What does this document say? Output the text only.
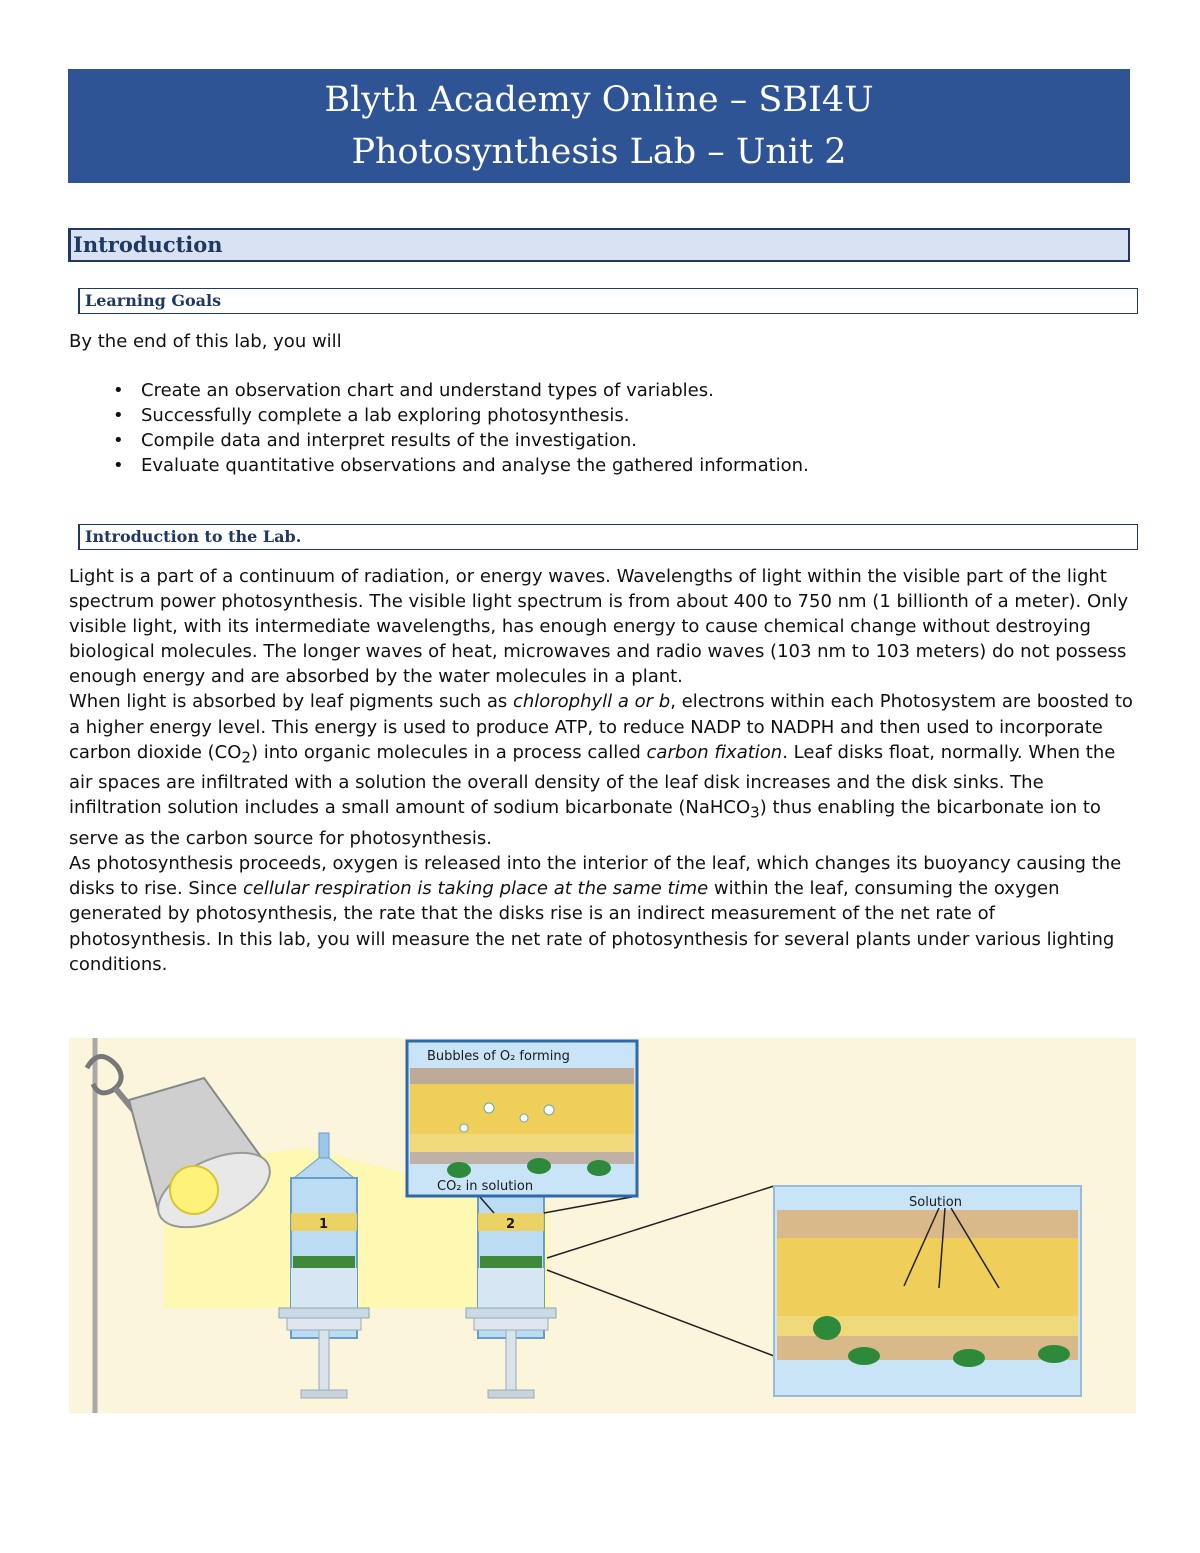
Blyth Academy Online – SBI4U
Photosynthesis Lab – Unit 2
Introduction
Learning Goals

By the end of this lab, you will

• Create an observation chart and understand types of variables.
• Successfully complete a lab exploring photosynthesis.
• Compile data and interpret results of the investigation.
• Evaluate quantitative observations and analyse the gathered information.
Introduction to the Lab.

Light is a part of a continuum of radiation, or energy waves. Wavelengths of light within the visible part of the light spectrum power photosynthesis. The visible light spectrum is from about 400 to 750 nm (1 billionth of a meter). Only visible light, with its intermediate wavelengths, has enough energy to cause chemical change without destroying biological molecules. The longer waves of heat, microwaves and radio waves (103 nm to 103 meters) do not possess enough energy and are absorbed by the water molecules in a plant.

When light is absorbed by leaf pigments such as chlorophyll a or b, electrons within each Photosystem are boosted to a higher energy level. This energy is used to produce ATP, to reduce NADP to NADPH and then used to incorporate carbon dioxide $(CO_2)$ into organic molecules in a process called carbon fixation. Leaf disks float, normally. When the air spaces are infiltrated with a solution the overall density of the leaf disk increases and the disk sinks. The infiltration solution includes a small amount of sodium bicarbonate (NaHCO$_3$) thus enabling the bicarbonate ion to serve as the carbon source for photosynthesis.

As photosynthesis proceeds, oxygen is released into the interior of the leaf, which changes its buoyancy causing the disks to rise. Since cellular respiration is taking place at the same time within the leaf, consuming the oxygen generated by photosynthesis, the rate that the disks rise is an indirect measurement of the net rate of photosynthesis. In this lab, you will measure the net rate of photosynthesis for several plants under various lighting conditions.

1	2
Bubbles of O₂ forming
CO₂ in solution
Solution
